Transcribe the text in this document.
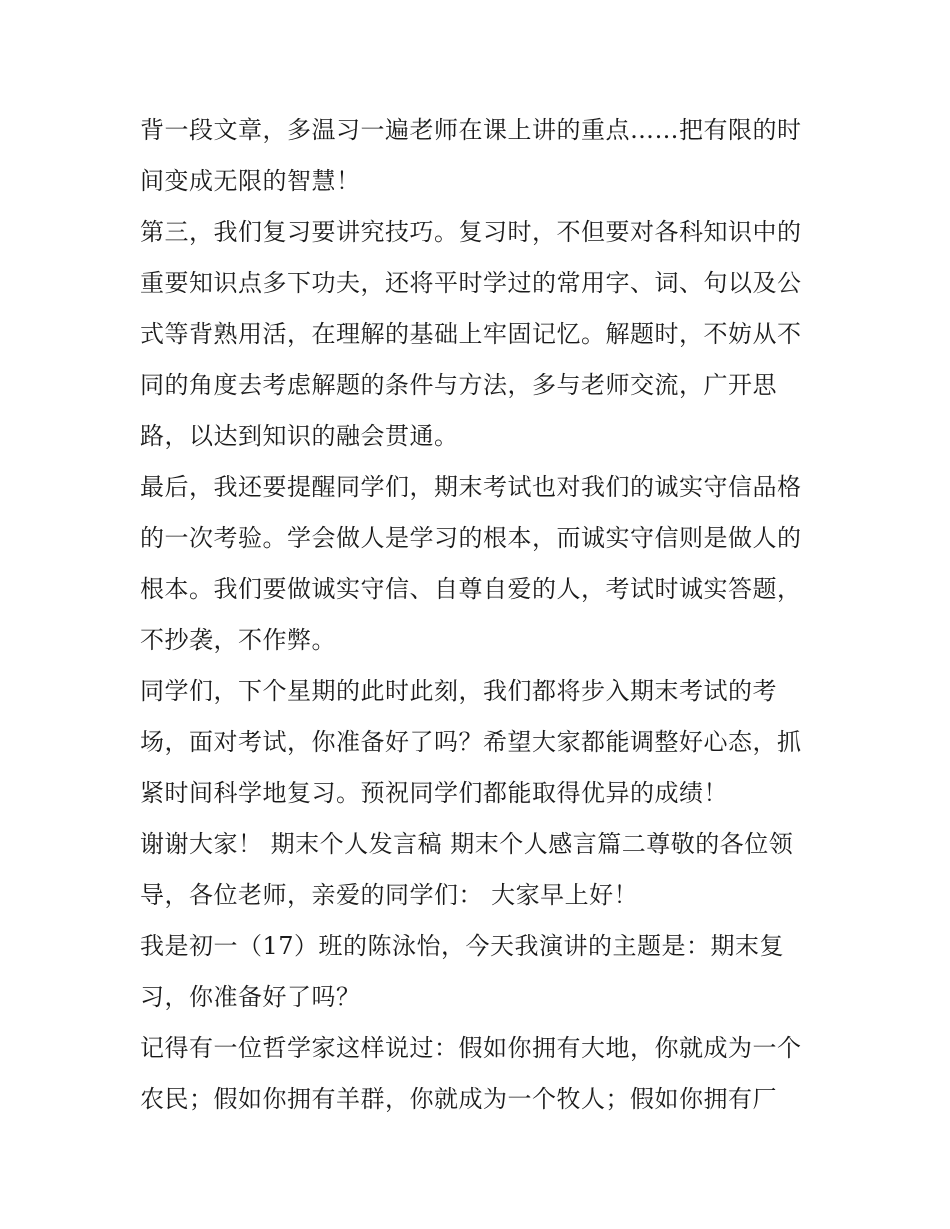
背一段文章，多温习一遍老师在课上讲的重点……把有限的时
间变成无限的智慧！
第三，我们复习要讲究技巧。复习时，不但要对各科知识中的
重要知识点多下功夫，还将平时学过的常用字、词、句以及公
式等背熟用活，在理解的基础上牢固记忆。解题时，不妨从不
同的角度去考虑解题的条件与方法，多与老师交流，广开思
路，以达到知识的融会贯通。
最后，我还要提醒同学们，期末考试也对我们的诚实守信品格
的一次考验。学会做人是学习的根本，而诚实守信则是做人的
根本。我们要做诚实守信、自尊自爱的人，考试时诚实答题，
不抄袭，不作弊。
同学们，下个星期的此时此刻，我们都将步入期末考试的考
场，面对考试，你准备好了吗？希望大家都能调整好心态，抓
紧时间科学地复习。预祝同学们都能取得优异的成绩！
谢谢大家！ 期末个人发言稿 期末个人感言篇二尊敬的各位领
导，各位老师，亲爱的同学们： 大家早上好！
我是初一（17）班的陈泳怡，今天我演讲的主题是：期末复
习，你准备好了吗？
记得有一位哲学家这样说过：假如你拥有大地，你就成为一个
农民；假如你拥有羊群，你就成为一个牧人；假如你拥有厂
